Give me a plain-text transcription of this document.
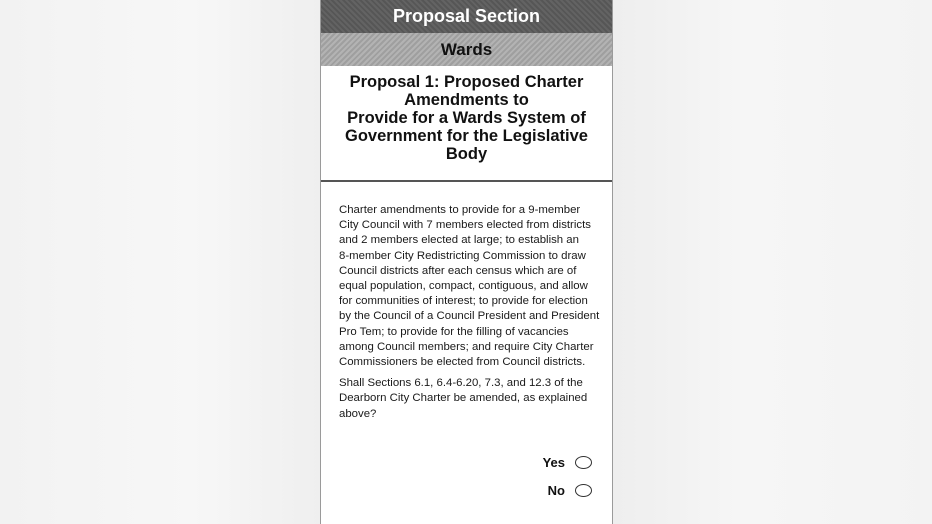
Proposal Section
Wards
Proposal 1: Proposed Charter
Amendments to
Provide for a Wards System of
Government for the Legislative
Body

Charter amendments to provide for a 9-member
City Council with 7 members elected from districts
and 2 members elected at large; to establish an
8-member City Redistricting Commission to draw
Council districts after each census which are of
equal population, compact, contiguous, and allow
for communities of interest; to provide for election
by the Council of a Council President and President
Pro Tem; to provide for the filling of vacancies
among Council members; and require City Charter
Commissioners be elected from Council districts.

Shall Sections 6.1, 6.4-6.20, 7.3, and 12.3 of the
Dearborn City Charter be amended, as explained
above?

Yes
No
